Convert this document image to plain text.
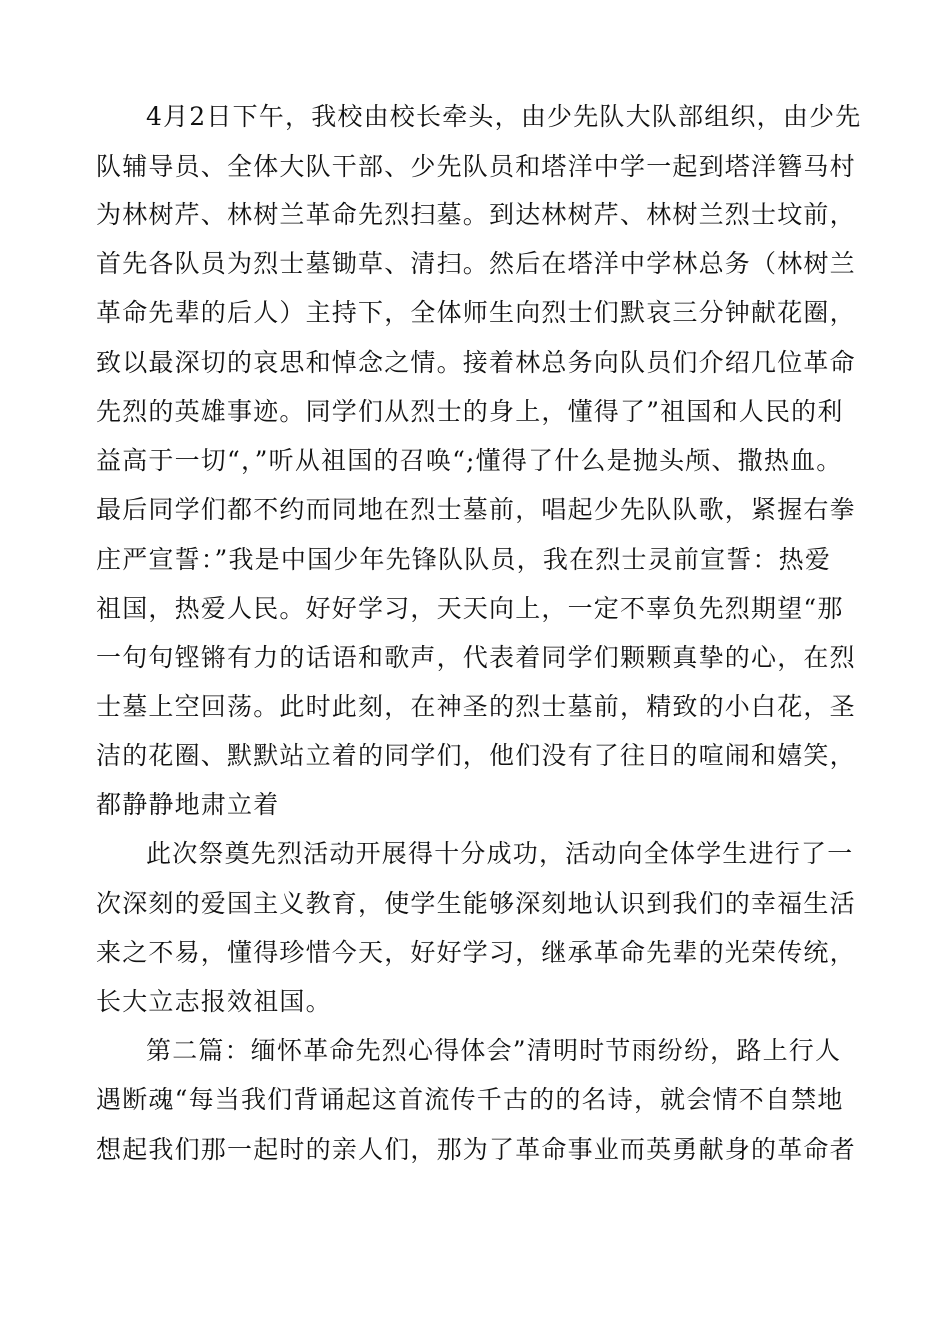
4月2日下午，我校由校长牵头，由少先队大队部组织，由少先
队辅导员、全体大队干部、少先队员和塔洋中学一起到塔洋簪马村
为林树芹、林树兰革命先烈扫墓。到达林树芹、林树兰烈士坟前，
首先各队员为烈士墓锄草、清扫。然后在塔洋中学林总务（林树兰
革命先辈的后人）主持下，全体师生向烈士们默哀三分钟献花圈，
致以最深切的哀思和悼念之情。接着林总务向队员们介绍几位革命
先烈的英雄事迹。同学们从烈士的身上，懂得了”祖国和人民的利
益高于一切“，”听从祖国的召唤“;懂得了什么是抛头颅、撒热血。
最后同学们都不约而同地在烈士墓前，唱起少先队队歌，紧握右拳
庄严宣誓：”我是中国少年先锋队队员，我在烈士灵前宣誓：热爱
祖国，热爱人民。好好学习，天天向上，一定不辜负先烈期望“那
一句句铿锵有力的话语和歌声，代表着同学们颗颗真挚的心，在烈
士墓上空回荡。此时此刻，在神圣的烈士墓前，精致的小白花，圣
洁的花圈、默默站立着的同学们，他们没有了往日的喧闹和嬉笑，
都静静地肃立着
此次祭奠先烈活动开展得十分成功，活动向全体学生进行了一
次深刻的爱国主义教育，使学生能够深刻地认识到我们的幸福生活
来之不易，懂得珍惜今天，好好学习，继承革命先辈的光荣传统，
长大立志报效祖国。
第二篇：缅怀革命先烈心得体会”清明时节雨纷纷，路上行人
遇断魂“每当我们背诵起这首流传千古的的名诗，就会情不自禁地
想起我们那一起时的亲人们，那为了革命事业而英勇献身的革命者
